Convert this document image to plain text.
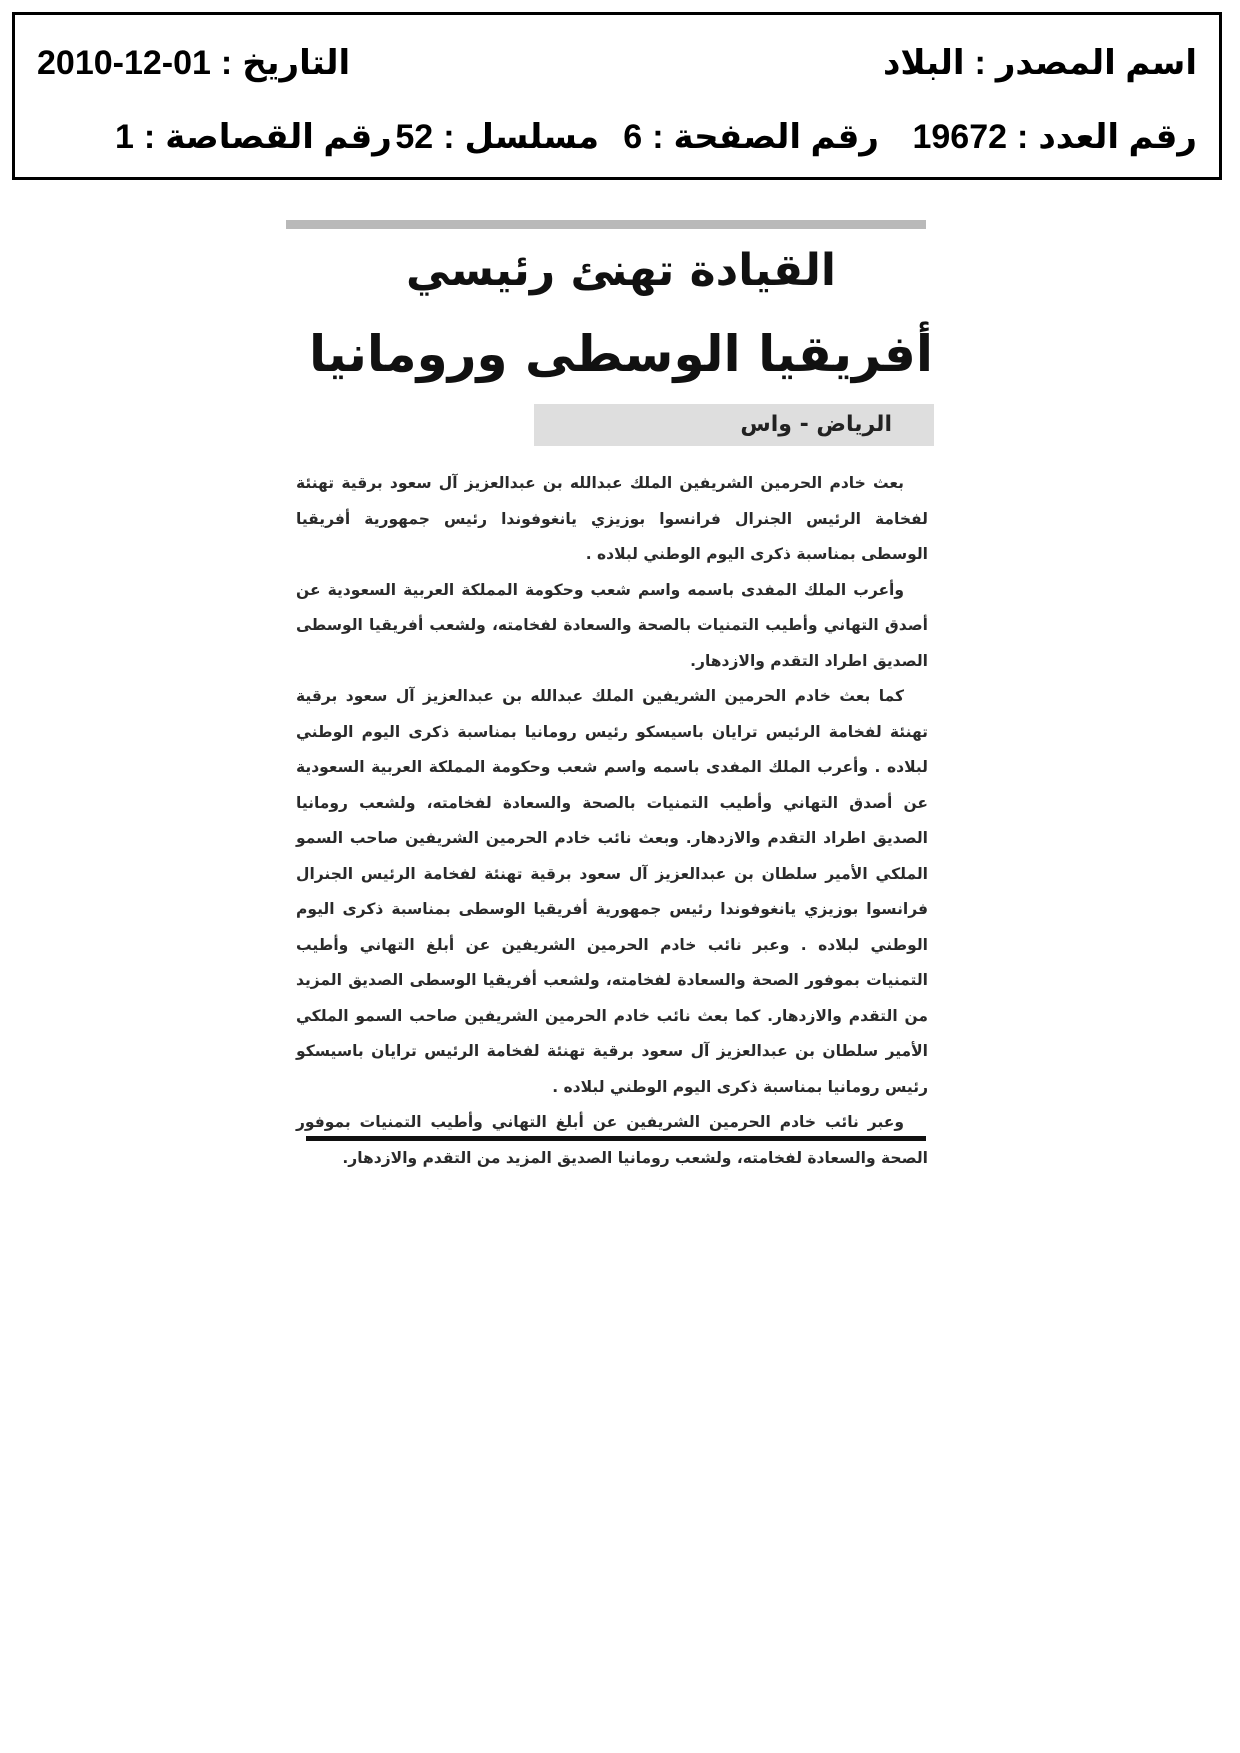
اسم المصدر:البلاد
التاريخ:2010-12-01
رقم العدد:19672
رقم الصفحة:6
مسلسل:52
رقم القصاصة:1
القيادة تهنئ رئيسي
أفريقيا الوسطى ورومانيا
الرياض - واس

بعث خادم الحرمين الشريفين الملك عبدالله بن عبدالعزيز آل سعود برقية تهنئة لفخامة الرئيس الجنرال فرانسوا بوزيزي يانغوفوندا رئيس جمهورية أفريقيا الوسطى بمناسبة ذكرى اليوم الوطني لبلاده .

وأعرب الملك المفدى باسمه واسم شعب وحكومة المملكة العربية السعودية عن أصدق التهاني وأطيب التمنيات بالصحة والسعادة لفخامته، ولشعب أفريقيا الوسطى الصديق اطراد التقدم والازدهار.

كما بعث خادم الحرمين الشريفين الملك عبدالله بن عبدالعزيز آل سعود برقية تهنئة لفخامة الرئيس ترايان باسيسكو رئيس رومانيا بمناسبة ذكرى اليوم الوطني لبلاده . وأعرب الملك المفدى باسمه واسم شعب وحكومة المملكة العربية السعودية عن أصدق التهاني وأطيب التمنيات بالصحة والسعادة لفخامته، ولشعب رومانيا الصديق اطراد التقدم والازدهار. وبعث نائب خادم الحرمين الشريفين صاحب السمو الملكي الأمير سلطان بن عبدالعزيز آل سعود برقية تهنئة لفخامة الرئيس الجنرال فرانسوا بوزيزي يانغوفوندا رئيس جمهورية أفريقيا الوسطى بمناسبة ذكرى اليوم الوطني لبلاده . وعبر نائب خادم الحرمين الشريفين عن أبلغ التهاني وأطيب التمنيات بموفور الصحة والسعادة لفخامته، ولشعب أفريقيا الوسطى الصديق المزيد من التقدم والازدهار. كما بعث نائب خادم الحرمين الشريفين صاحب السمو الملكي الأمير سلطان بن عبدالعزيز آل سعود برقية تهنئة لفخامة الرئيس ترايان باسيسكو رئيس رومانيا بمناسبة ذكرى اليوم الوطني لبلاده .

وعبر نائب خادم الحرمين الشريفين عن أبلغ التهاني وأطيب التمنيات بموفور الصحة والسعادة لفخامته، ولشعب رومانيا الصديق المزيد من التقدم والازدهار.
